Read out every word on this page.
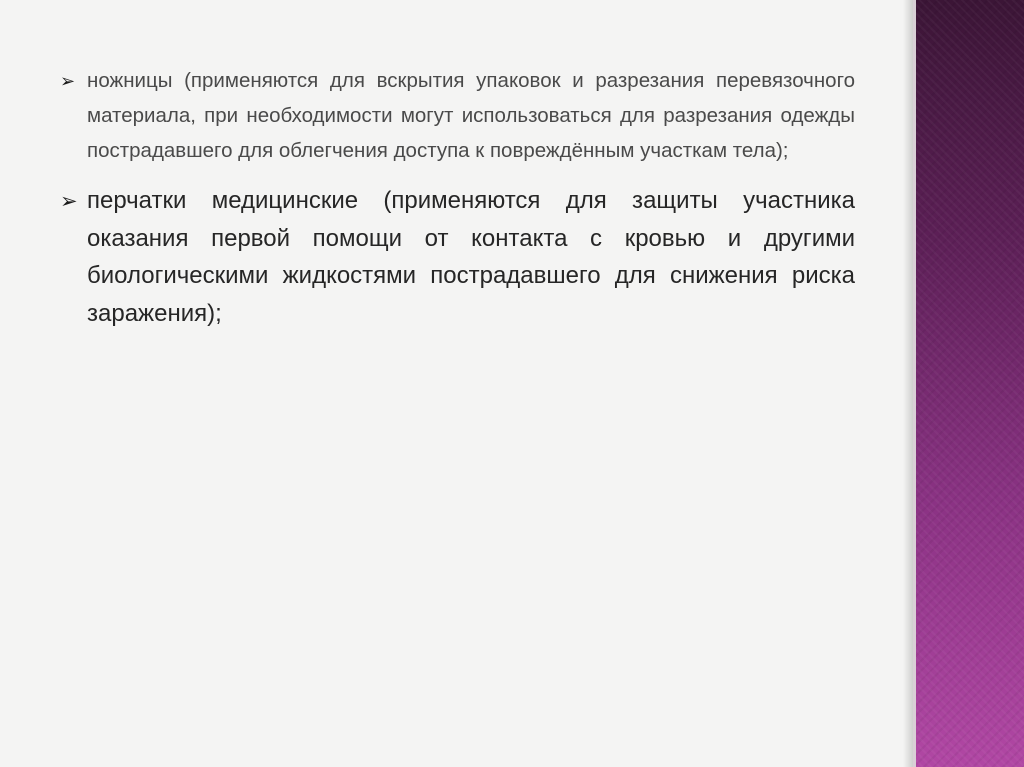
➢ ножницы (применяются для вскрытия упаковок и разрезания перевязочного материала, при необходимости могут использоваться для разрезания одежды пострадавшего для облегчения доступа к повреждённым участкам тела);
➢ перчатки медицинские (применяются для защиты участника оказания первой помощи от контакта с кровью и другими биологическими жидкостями пострадавшего для снижения риска заражения);
